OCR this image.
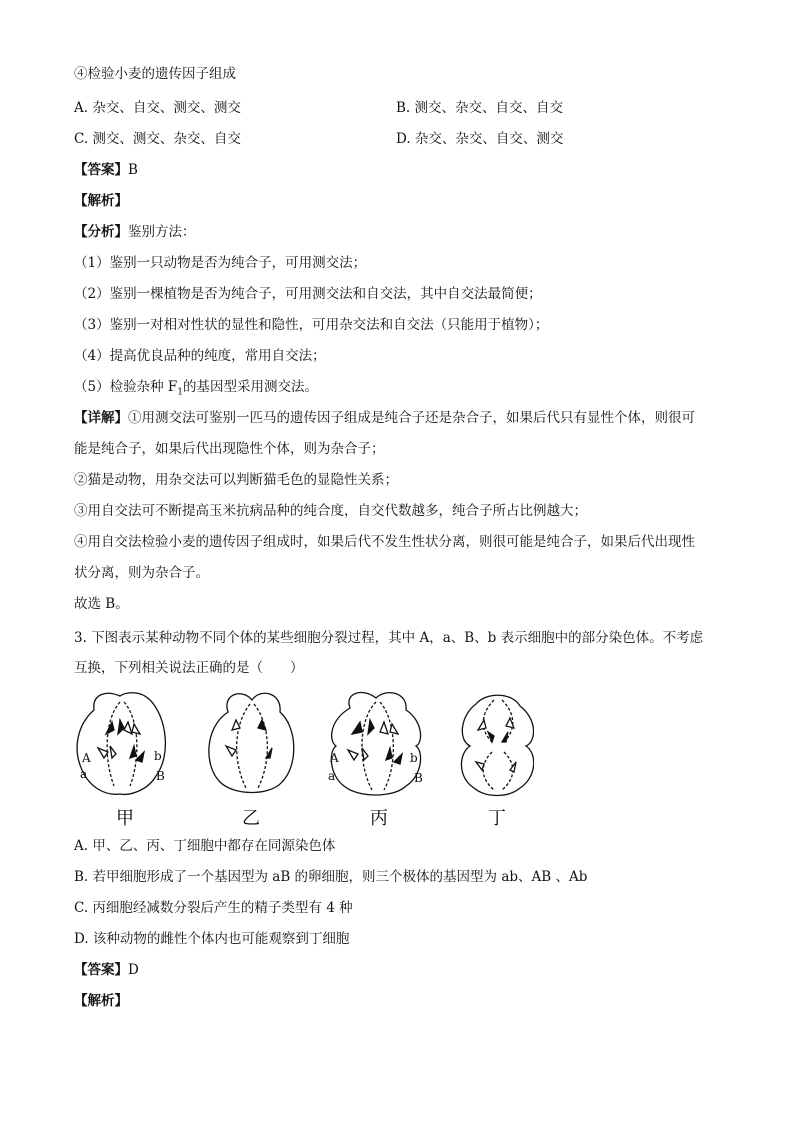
④检验小麦的遗传因子组成
A. 杂交、自交、测交、测交	B. 测交、杂交、自交、自交
C. 测交、测交、杂交、自交	D. 杂交、杂交、自交、测交
【答案】B
【解析】
【分析】鉴别方法：
（1）鉴别一只动物是否为纯合子，可用测交法；
（2）鉴别一棵植物是否为纯合子，可用测交法和自交法，其中自交法最简便；
（3）鉴别一对相对性状的显性和隐性，可用杂交法和自交法（只能用于植物）；
（4）提高优良品种的纯度，常用自交法；
（5）检验杂种 $F_1$的基因型采用测交法。
【详解】①用测交法可鉴别一匹马的遗传因子组成是纯合子还是杂合子，如果后代只有显性个体，则很可
能是纯合子，如果后代出现隐性个体，则为杂合子；
②猫是动物，用杂交法可以判断猫毛色的显隐性关系；
③用自交法可不断提高玉米抗病品种的纯合度，自交代数越多，纯合子所占比例越大；
④用自交法检验小麦的遗传因子组成时，如果后代不发生性状分离，则很可能是纯合子，如果后代出现性
状分离，则为杂合子。
故选 B。
3. 下图表示某种动物不同个体的某些细胞分裂过程，其中 A，a、B、b 表示细胞中的部分染色体。不考虑
互换，下列相关说法正确的是（　　）
A
a
b
B
A
a
b
B
甲	乙	丙	丁
A. 甲、乙、丙、丁细胞中都存在同源染色体
B. 若甲细胞形成了一个基因型为 aB 的卵细胞，则三个极体的基因型为 ab、AB 、Ab
C. 丙细胞经减数分裂后产生的精子类型有 4 种
D. 该种动物的雌性个体内也可能观察到丁细胞
【答案】D
【解析】
